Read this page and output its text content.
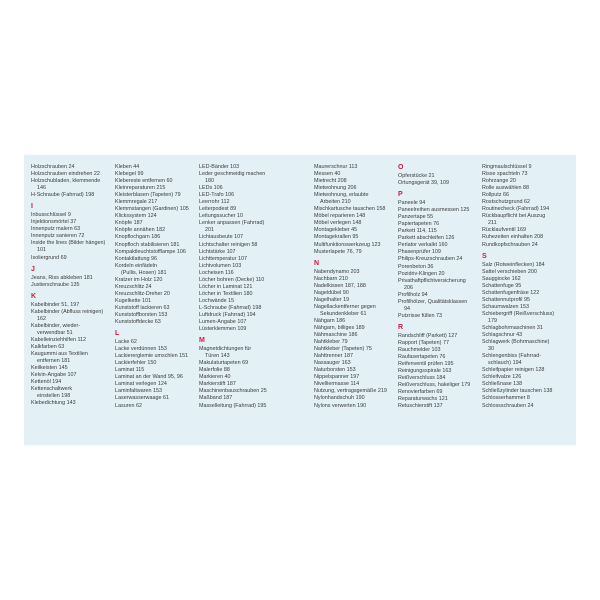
Holzschrauben 24
Holzschrauben eindrehen 22
Holzschubladen, klemmende
146
H-Schraube (Fahrrad) 198
I
Inbusschlüssel 9
Injektionsmörtel 37
Innenputz malern 63
Innenputz sanieren 72
Inside the lines (Bilder hängen)
101
Isoliergrund 69
J
Jeans, Riss abkleben 181
Justierschraube 135
K
Kabelbinder 51, 197
Kabelbinder (Abfluss reinigen)
162
Kabelbinder, wieder-
verwendbar 51
Kabelleinziehhilfen 112
Kalkfarben 63
Kaugummi aus Textilien
entfernen 181
Keilkeisten 145
Kelvin-Angabe 107
Kettenöl 194
Kettenschaltwerk
einstellen 198
Klebedichtung 143
Kleben 44
Klebegel 99
Klebereste entfernen 60
Kleinreparaturen 215
Kleisterblasen (Tapeten) 79
Klemmregale 217
Klemmstangen (Gardinen) 105
Klickssystem 124
Knöpfe 187
Knöpfe annähen 182
Knopflochgarn 186
Knopfloch stabilisieren 181
Kompaktleuchtstofflampe 106
Kontaktlattung 96
Kordeln einfädeln
(Pullis, Hosen) 181
Kratzer im Holz 120
Kreuzschlitz 24
Kreuzschlitz-Dreher 20
Kugelkette 101
Kunststoff lackieren 63
Kunststoffborsten 153
Kunststoffdecke 63
L
Lacke 62
Lacke verdünnen 153
Lackiererglemie umschlen 151
Lackierfehler 150
Laminat 115
Laminat an der Wand 95, 96
Laminat verlegen 124
Laminfaltwaren 153
Laserwasserwaage 61
Lasuren 62
LED-Bänder 103
Leder geschmeidig machen
180
LEDs 106
LED-Trafo 106
Leerrohr 112
Leiterpodest 89
Leitungssucher 10
Lenker anpassen (Fahrrad)
201
Lichtausbeute 107
Lichtschalter reinigen 58
Lichtstärke 107
Lichttemperatur 107
Lichtvolumen 103
Locheisen 116
Löcher bohren (Decke) 110
Löcher in Laminat 121
Löcher in Textilien 180
Lochwände 15
L-Schraube (Fahrrad) 198
Luftdruck (Fahrrad) 194
Lumen-Angabe 107
Lüsterklemmen 109
M
Magnetdichtungen für
Türen 143
Makulaturtapeten 69
Malerfolie 88
Markieren 40
Markierstift 187
Maschinenbauschrauben 25
Maßband 187
Masselleitung (Fahrrad) 195
Maurerschnur 113
Messen 40
Mietrecht 208
Mietwohnung 206
Mietwohnung, erlaubte
Arbeiten 210
Mischkartusche tauschen 158
Möbel reparieren 148
Möbel verlegen 148
Montagekleber 45
Montagekrallen 95
Multifunktionswerkzeug 123
Musterlapete 76, 79
N
Nabendynamo 203
Nachbarn 210
Nadelkissen 187, 188
Nageldübel 90
Nagelhalter 19
Nagellackentferner gegen
Sekundenkleber 61
Nähgarn 186
Nähgarn, billiges 189
Nähmaschine 186
Nahtkleber 79
Nahtkleber (Tapeten) 75
Nahttrenner 187
Nassauger 163
Naturborsten 153
Nippelspanner 197
Nivelliermasse 114
Nutzung, vertragsgemäße 219
Nylonhandschuh 190
Nylons verwerten 190
O
Opferstücke 21
Ortungsgerät 39, 109
P
Paneele 94
Paneelreihen ausmessen 125
Panzertape 55
Papiertapeten 76
Parkett 114, 115
Parkett abschleifen 126
Perlator verkalkt 160
Phasenprüfer 109
Philips-Kreuzschrauben 24
Porenbeton 36
Pozidriv-Klingen 20
Privathaftpflichtversicherung
206
Profilholz 94
Profilhölzer, Qualitätsklassen
94
Putzrisse füllen 73
R
Randschliff (Parkett) 127
Rapport (Tapeten) 77
Rauchmelder 103
Raufasertapeten 76
Reifenventil prüfen 195
Reinigungsspirale 163
Reißverschluss 184
Reißverschluss, hakeliger 179
Renovierfarben 69
Reparaturwachs 121
Retuschierstift 137
Ringmaulschlüssel 9
Risse spachteln 73
Rohrzange 20
Rolle auswählen 88
Rollputz 66
Rostschutzgrund 62
Routinecheck (Fahrrad) 194
Rückbaupflicht bei Auszug
211
Rücklaufventil 169
Ruhezeiten einhalten 208
Rundkopfschrauben 24
S
Salz (Rotweinflecken) 184
Sattel verschieben 200
Sauggiocke 162
Schattenfuge 95
Schattenfugenfräse 122
Schattennutprofil 95
Schaumwalzen 153
Schiebergriff (Reißverschluss)
179
Schlagbohrmaschinen 31
Schlagschnur 43
Schlagwerk (Bohrmaschine)
30
Schlengenbiss (Fahrrad-
schlauch) 194
Schleifpapier reinigen 128
Schleifvalze 126
Schließnase 138
Schließzylinder tauschen 138
Schlosserhammer 8
Schlossschrauben 24
